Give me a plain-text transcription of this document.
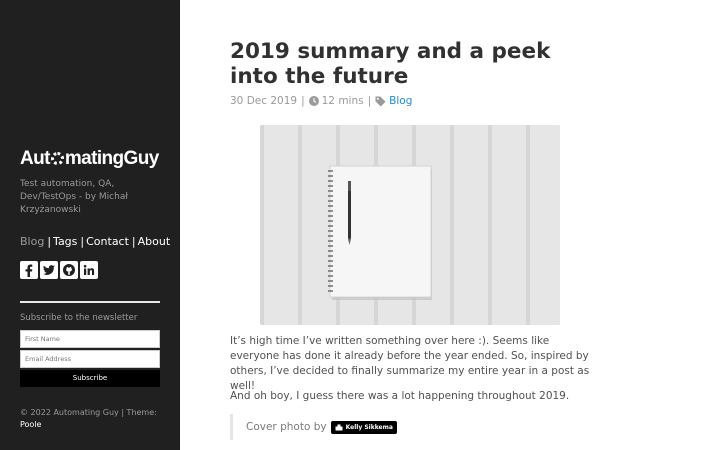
Aut matingGuy
Test automation, QA, Dev/TestOps - by Michał Krzyżanowski
Blog | Tags | Contact | About
Subscribe to the newsletter
First Name
Email Address
Subscribe
© 2022 Automating Guy | Theme: Poole
2019 summary and a peek into the future
30 Dec 2019 | 12 mins | Blog

It’s high time I’ve written something over here :). Seems like everyone has done it already before the year ended. So, inspired by others, I’ve decided to finally summarize my entire year in a post as well!

And oh boy, I guess there was a lot happening throughout 2019.

Cover photo by	Kelly Sikkema
